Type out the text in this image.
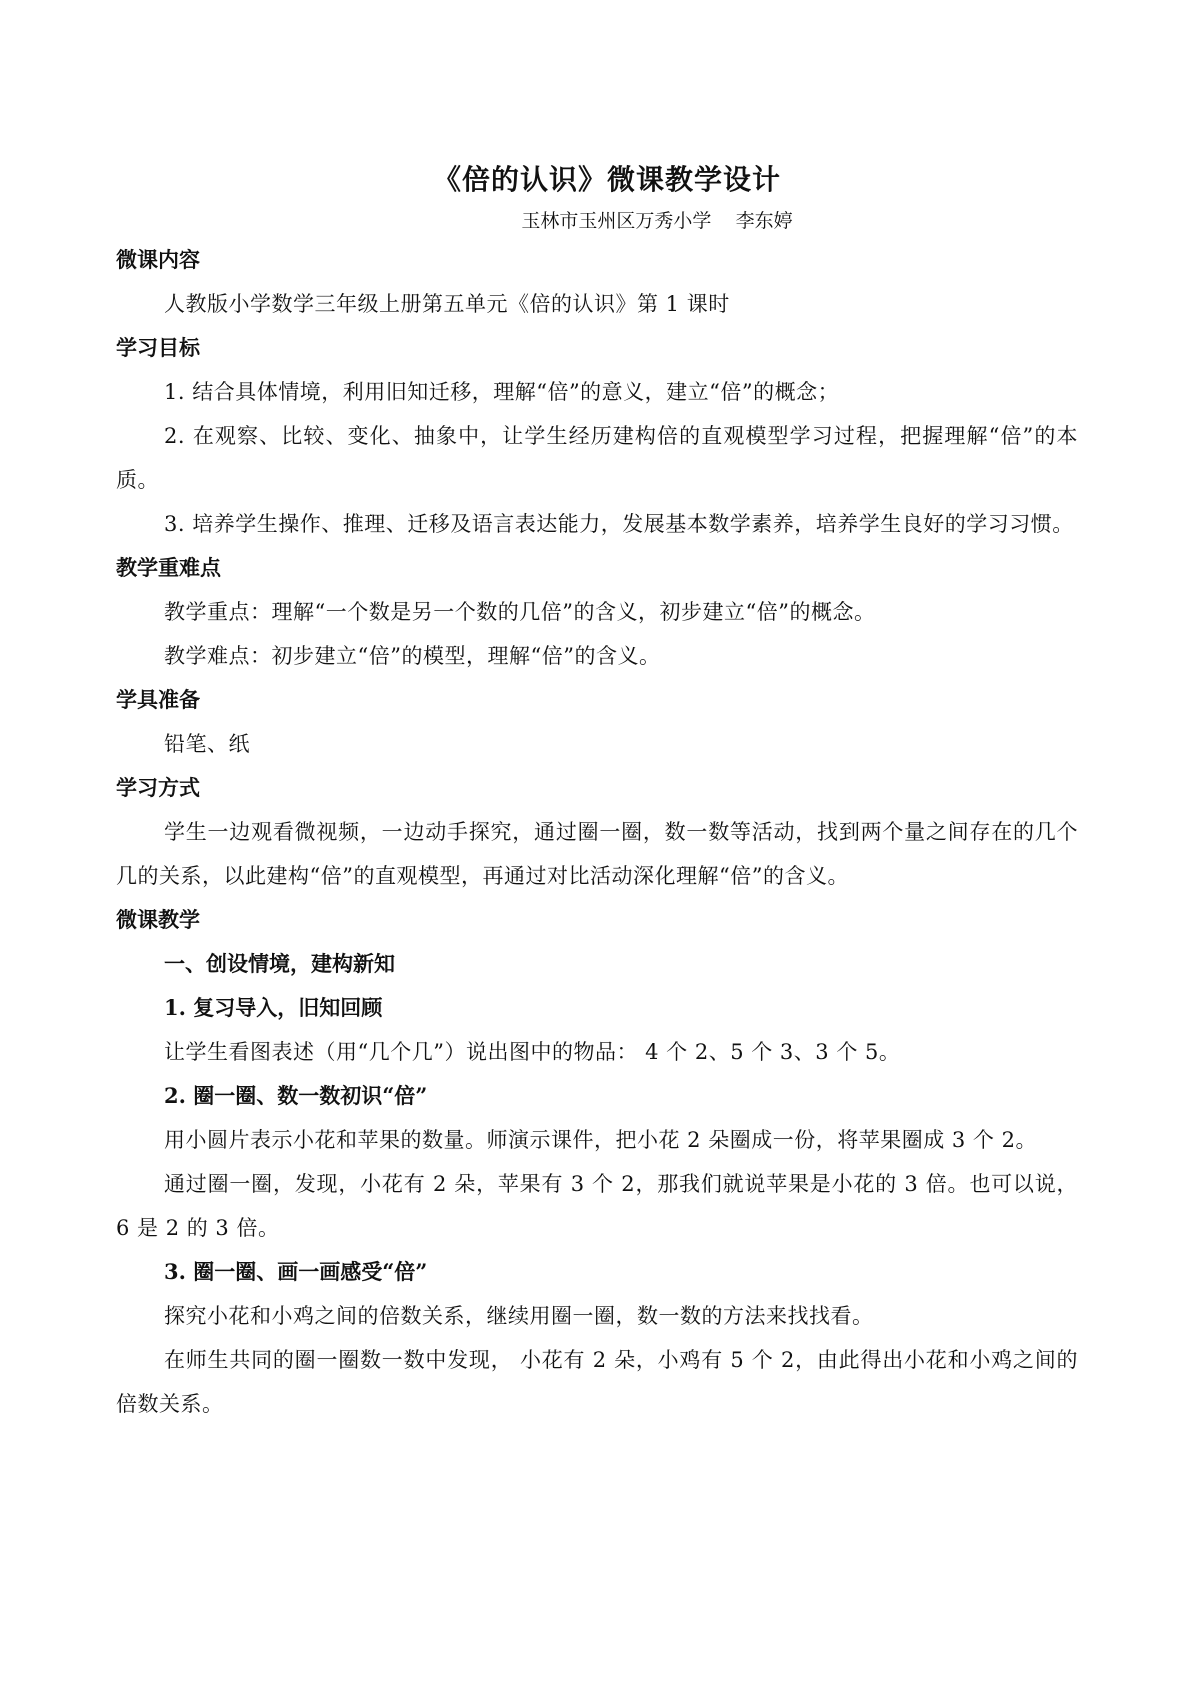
《倍的认识》微课教学设计
玉林市玉州区万秀小学    李东婷
微课内容

人教版小学数学三年级上册第五单元《倍的认识》第 1 课时

学习目标

1. 结合具体情境，利用旧知迁移，理解“倍”的意义，建立“倍”的概念；

2. 在观察、比较、变化、抽象中，让学生经历建构倍的直观模型学习过程，把握理解“倍”的本质。

3. 培养学生操作、推理、迁移及语言表达能力，发展基本数学素养，培养学生良好的学习习惯。

教学重难点

教学重点：理解“一个数是另一个数的几倍”的含义，初步建立“倍”的概念。

教学难点：初步建立“倍”的模型，理解“倍”的含义。

学具准备

铅笔、纸

学习方式

学生一边观看微视频，一边动手探究，通过圈一圈，数一数等活动，找到两个量之间存在的几个几的关系，以此建构“倍”的直观模型，再通过对比活动深化理解“倍”的含义。

微课教学
一、创设情境，建构新知
1. 复习导入，旧知回顾

让学生看图表述（用“几个几”）说出图中的物品： 4 个 2、5 个 3、3 个 5。

2. 圈一圈、数一数初识“倍”

用小圆片表示小花和苹果的数量。师演示课件，把小花 2 朵圈成一份，将苹果圈成 3 个 2。

通过圈一圈，发现，小花有 2 朵，苹果有 3 个 2，那我们就说苹果是小花的 3 倍。也可以说，6 是 2 的 3 倍。

3. 圈一圈、画一画感受“倍”

探究小花和小鸡之间的倍数关系，继续用圈一圈，数一数的方法来找找看。

在师生共同的圈一圈数一数中发现， 小花有 2 朵，小鸡有 5 个 2，由此得出小花和小鸡之间的倍数关系。
